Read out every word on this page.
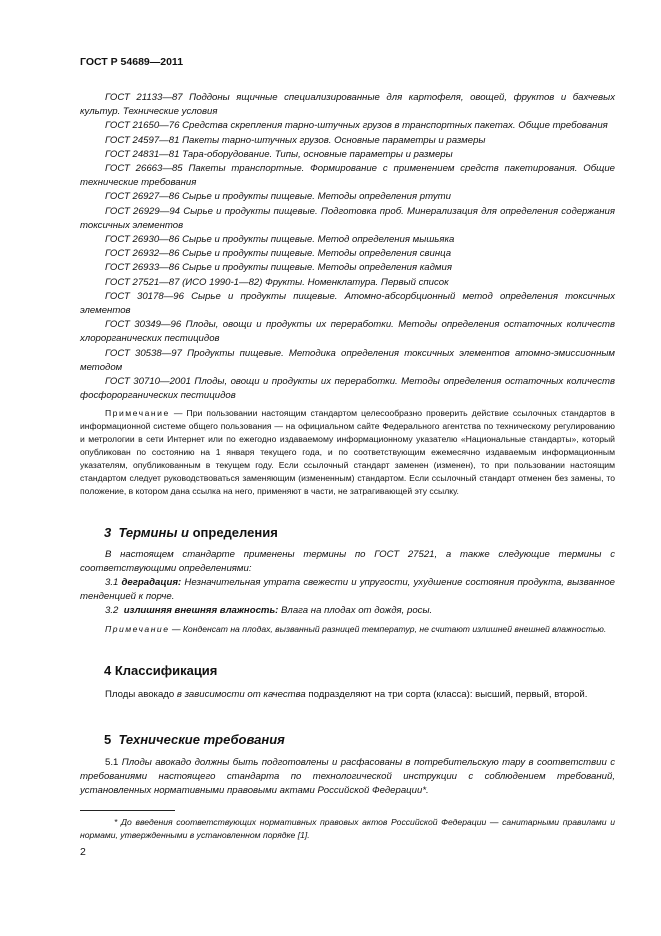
ГОСТ Р 54689—2011

ГОСТ 21133—87 Поддоны ящичные специализированные для картофеля, овощей, фруктов и бахчевых культур. Технические условия

ГОСТ 21650—76 Средства скрепления тарно-штучных грузов в транспортных пакетах. Общие требования

ГОСТ 24597—81 Пакеты тарно-штучных грузов. Основные параметры и размеры

ГОСТ 24831—81 Тара-оборудование. Типы, основные параметры и размеры

ГОСТ 26663—85 Пакеты транспортные. Формирование с применением средств пакетирования. Общие технические требования

ГОСТ 26927—86 Сырье и продукты пищевые. Методы определения ртути

ГОСТ 26929—94 Сырье и продукты пищевые. Подготовка проб. Минерализация для определения содержания токсичных элементов

ГОСТ 26930—86 Сырье и продукты пищевые. Метод определения мышьяка

ГОСТ 26932—86 Сырье и продукты пищевые. Методы определения свинца

ГОСТ 26933—86 Сырье и продукты пищевые. Методы определения кадмия

ГОСТ 27521—87 (ИСО 1990-1—82) Фрукты. Номенклатура. Первый список

ГОСТ 30178—96 Сырье и продукты пищевые. Атомно-абсорбционный метод определения токсичных элементов

ГОСТ 30349—96 Плоды, овощи и продукты их переработки. Методы определения остаточных количеств хлорорганических пестицидов

ГОСТ 30538—97 Продукты пищевые. Методика определения токсичных элементов атомно-эмиссионным методом

ГОСТ 30710—2001 Плоды, овощи и продукты их переработки. Методы определения остаточных количеств фосфорорганических пестицидов

Примечание — При пользовании настоящим стандартом целесообразно проверить действие ссылочных стандартов в информационной системе общего пользования — на официальном сайте Федерального агентства по техническому регулированию и метрологии в сети Интернет или по ежегодно издаваемому информационному указателю «Национальные стандарты», который опубликован по состоянию на 1 января текущего года, и по соответствующим ежемесячно издаваемым информационным указателям, опубликованным в текущем году. Если ссылочный стандарт заменен (изменен), то при пользовании настоящим стандартом следует руководствоваться заменяющим (измененным) стандартом. Если ссылочный стандарт отменен без замены, то положение, в котором дана ссылка на него, применяют в части, не затрагивающей эту ссылку.

3 Термины и определения

В настоящем стандарте применены термины по ГОСТ 27521, а также следующие термины с соответствующими определениями:

3.1 деградация: Незначительная утрата свежести и упругости, ухудшение состояния продукта, вызванное тенденцией к порче.

3.2 излишняя внешняя влажность: Влага на плодах от дождя, росы.

Примечание — Конденсат на плодах, вызванный разницей температур, не считают излишней внешней влажностью.

4 Классификация

Плоды авокадо в зависимости от качества подразделяют на три сорта (класса): высший, первый, второй.

5 Технические требования

5.1 Плоды авокадо должны быть подготовлены и расфасованы в потребительскую тару в соответствии с требованиями настоящего стандарта по технологической инструкции с соблюдением требований, установленных нормативными правовыми актами Российской Федерации*.

* До введения соответствующих нормативных правовых актов Российской Федерации — санитарными правилами и нормами, утвержденными в установленном порядке [1].

2
